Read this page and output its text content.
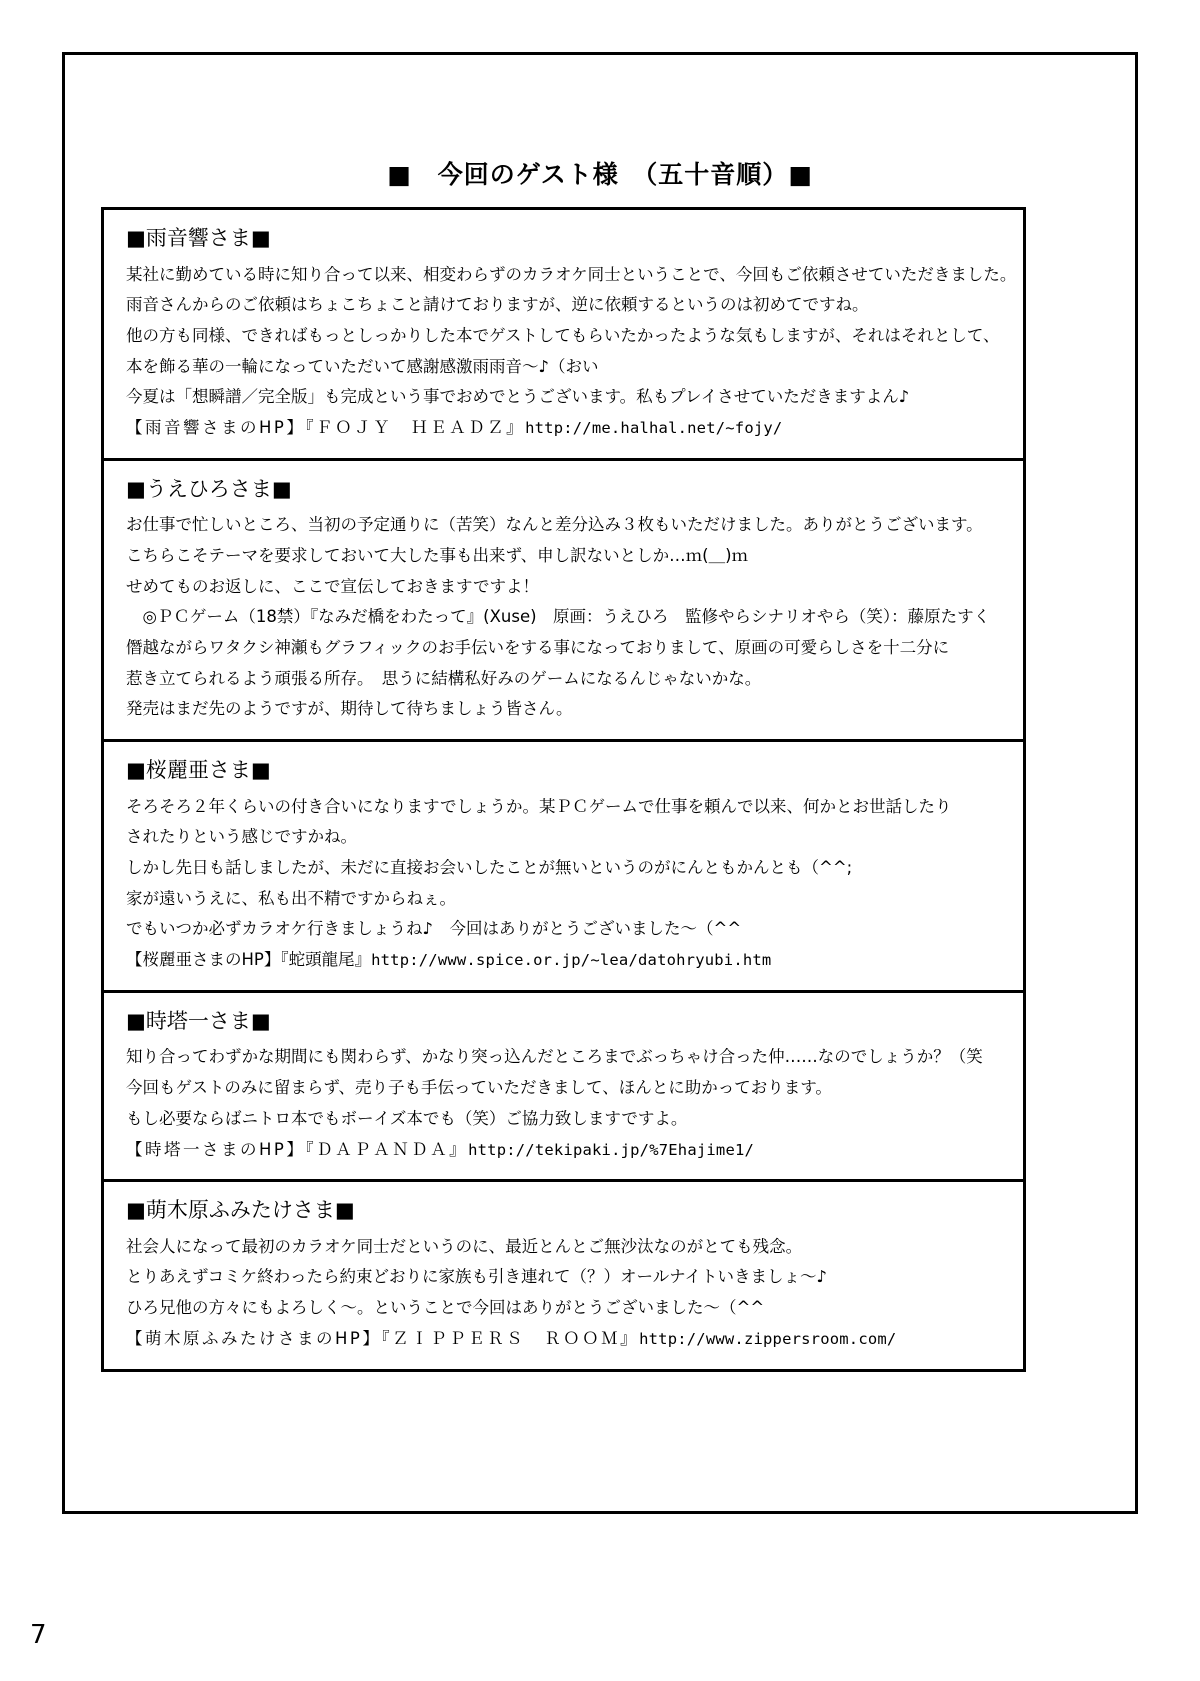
■　今回のゲスト様　（五十音順）■
■雨音響さま■
某社に勤めている時に知り合って以来、相変わらずのカラオケ同士ということで、今回もご依頼させていただきました。
雨音さんからのご依頼はちょこちょこと請けておりますが、逆に依頼するというのは初めてですね。
他の方も同様、できればもっとしっかりした本でゲストしてもらいたかったような気もしますが、それはそれとして、
本を飾る華の一輪になっていただいて感謝感激雨雨音～♪（おい
今夏は「想瞬譜／完全版」も完成という事でおめでとうございます。私もプレイさせていただきますよん♪
【雨音響さまのHP】『ＦＯＪＹ　ＨＥＡＤＺ』http://me.halhal.net/~fojy/
■うえひろさま■
お仕事で忙しいところ、当初の予定通りに（苦笑）なんと差分込み３枚もいただけました。ありがとうございます。
こちらこそテーマを要求しておいて大した事も出来ず、申し訳ないとしか…ｍ(＿)ｍ
せめてものお返しに、ここで宣伝しておきますですよ！
　◎ＰＣゲーム（18禁）『なみだ橋をわたって』(Xuse)　原画：うえひろ　監修やらシナリオやら（笑）：藤原たすく
僭越ながらワタクシ神瀬もグラフィックのお手伝いをする事になっておりまして、原画の可愛らしさを十二分に
惹き立てられるよう頑張る所存。　思うに結構私好みのゲームになるんじゃないかな。
発売はまだ先のようですが、期待して待ちましょう皆さん。
■桜麗亜さま■
そろそろ２年くらいの付き合いになりますでしょうか。某ＰＣゲームで仕事を頼んで以来、何かとお世話したり
されたりという感じですかね。
しかし先日も話しましたが、未だに直接お会いしたことが無いというのがにんともかんとも（^^;
家が遠いうえに、私も出不精ですからねぇ。
でもいつか必ずカラオケ行きましょうね♪　今回はありがとうございました～（^^
【桜麗亜さまのHP】『蛇頭龍尾』http://www.spice.or.jp/~lea/datohryubi.htm
■時塔一さま■
知り合ってわずかな期間にも関わらず、かなり突っ込んだところまでぶっちゃけ合った仲‥‥‥なのでしょうか？（笑
今回もゲストのみに留まらず、売り子も手伝っていただきまして、ほんとに助かっております。
もし必要ならばニトロ本でもボーイズ本でも（笑）ご協力致しますですよ。
【時塔一さまのHP】『ＤＡＰＡＮＤＡ』http://tekipaki.jp/%7Ehajime1/
■萌木原ふみたけさま■
社会人になって最初のカラオケ同士だというのに、最近とんとご無沙汰なのがとても残念。
とりあえずコミケ終わったら約束どおりに家族も引き連れて（？）オールナイトいきましょ～♪
ひろ兄他の方々にもよろしく～。ということで今回はありがとうございました～（^^
【萌木原ふみたけさまのHP】『ＺＩＰＰＥＲＳ　ＲＯＯＭ』http://www.zippersroom.com/
7
